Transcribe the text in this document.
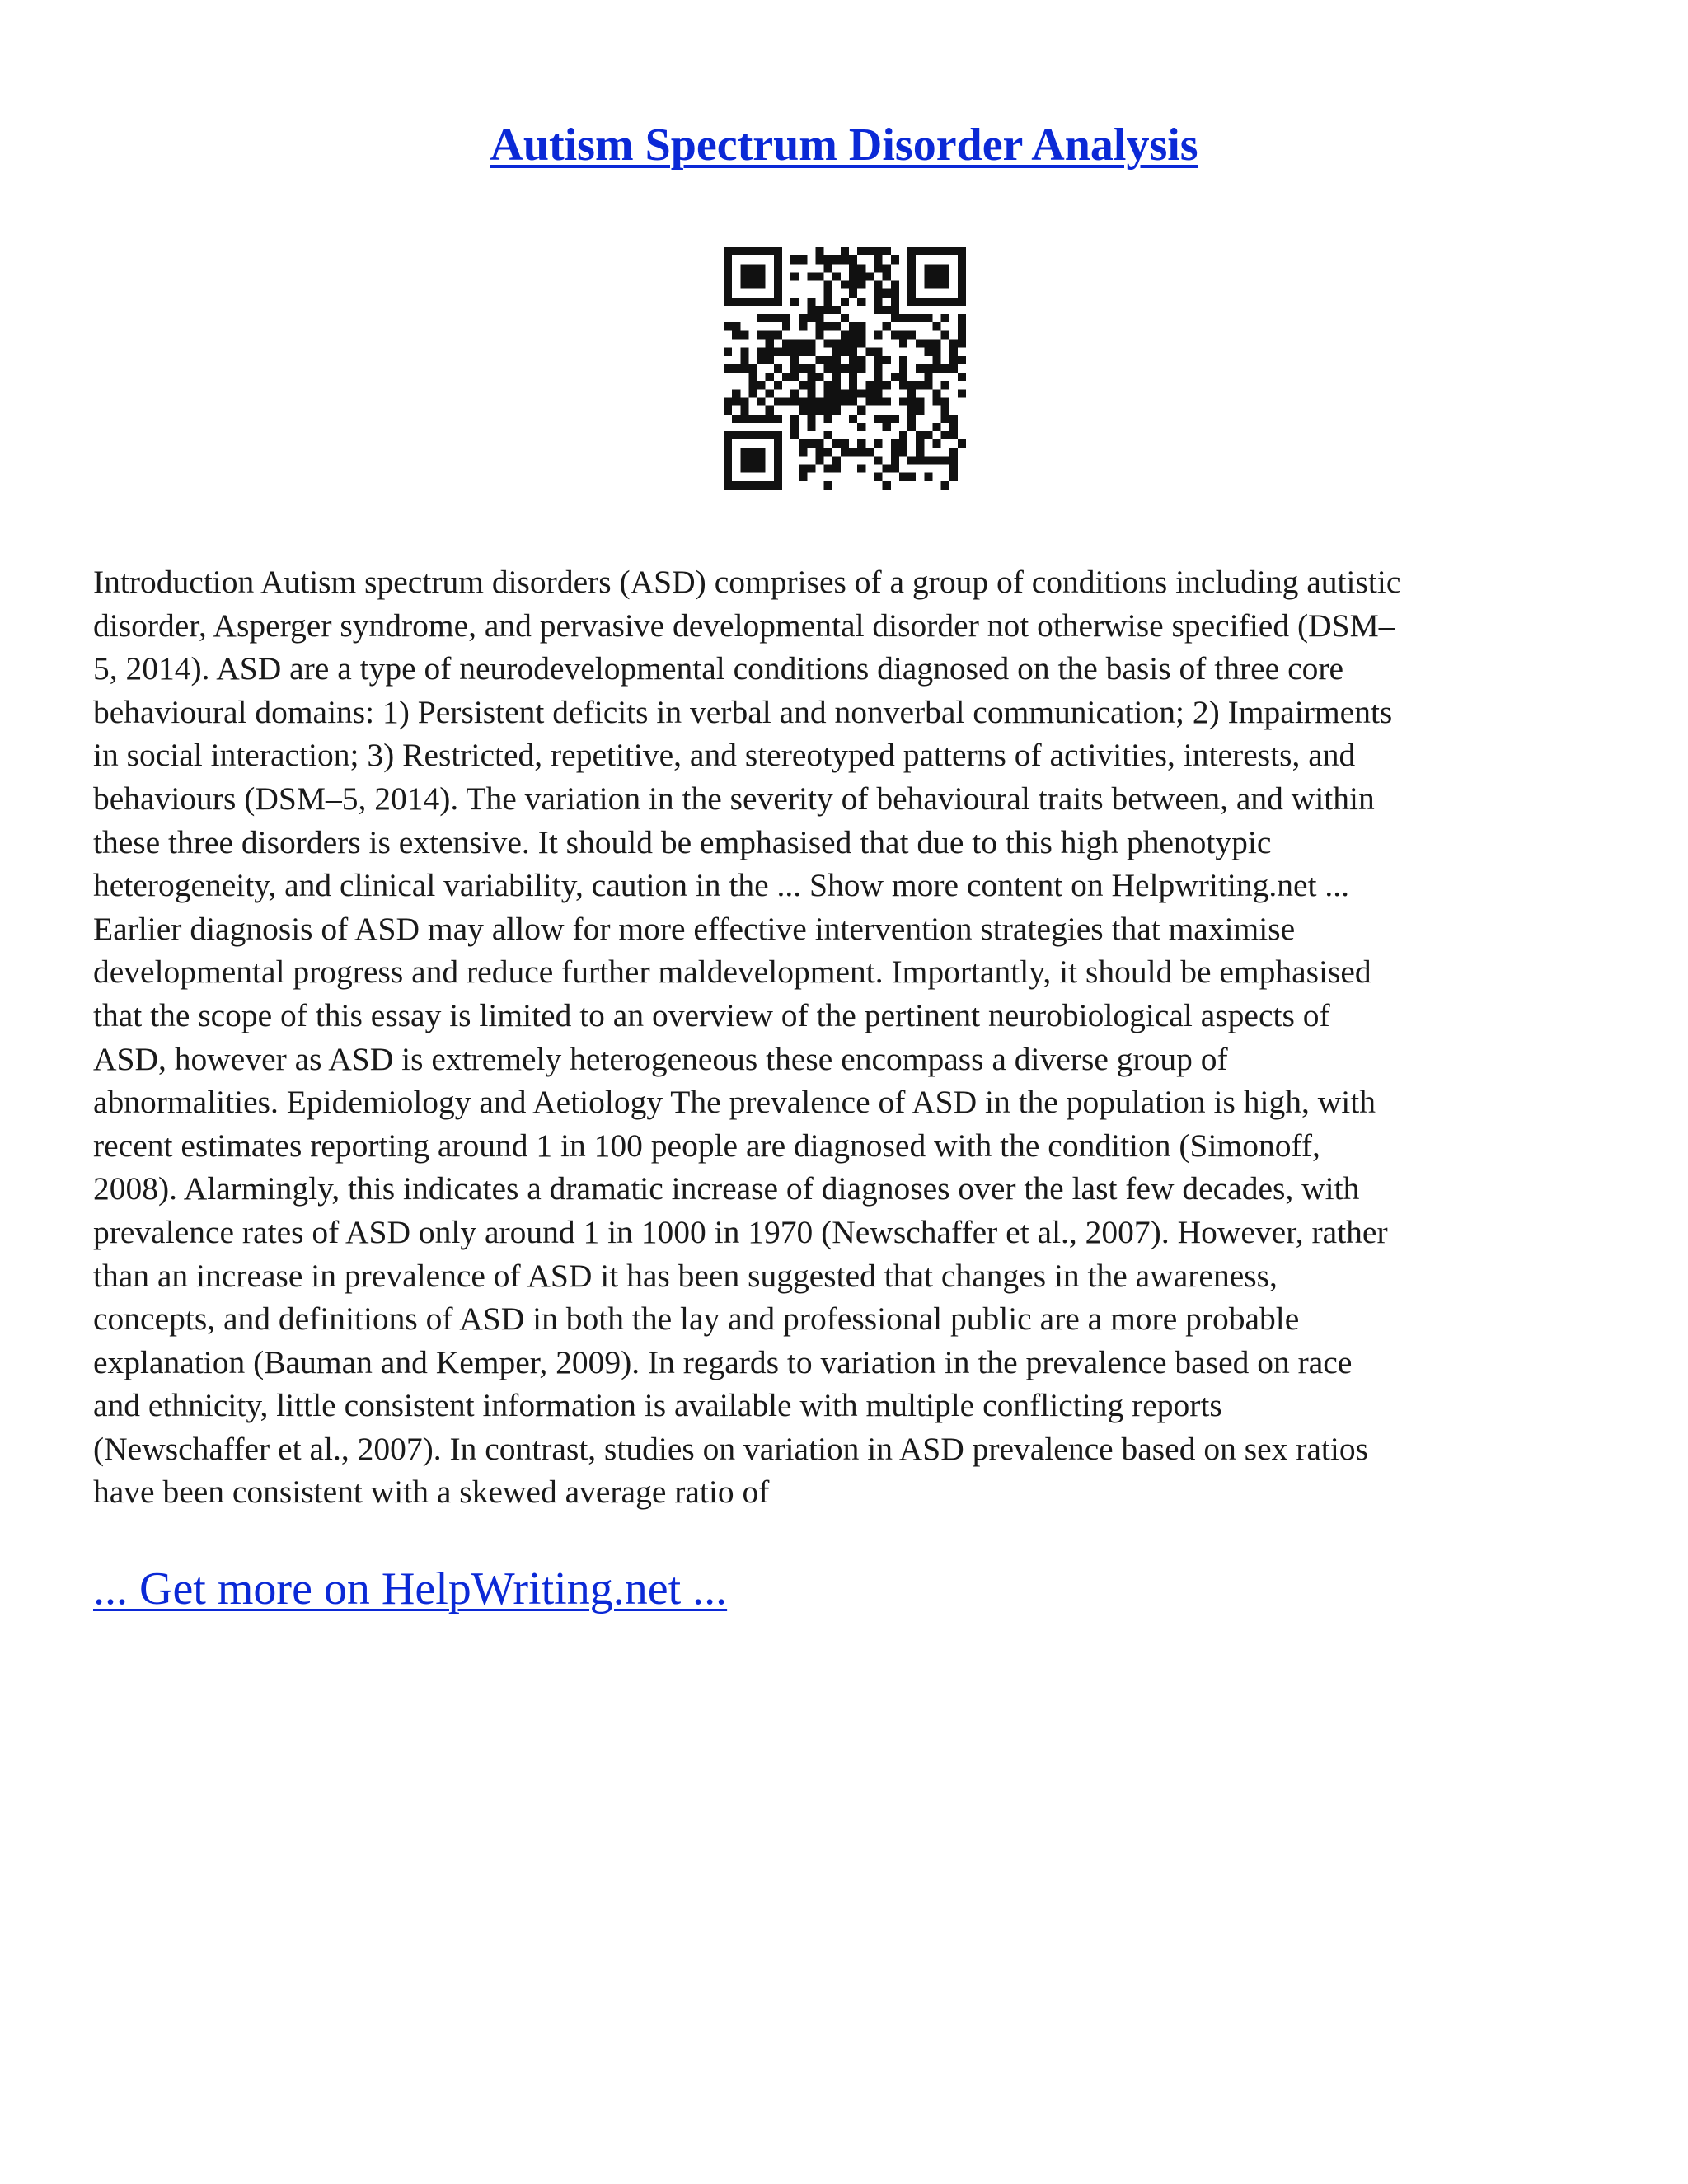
Autism Spectrum Disorder Analysis
Introduction Autism spectrum disorders (ASD) comprises of a group of conditions including autistic
disorder, Asperger syndrome, and pervasive developmental disorder not otherwise specified (DSM–
5, 2014). ASD are a type of neurodevelopmental conditions diagnosed on the basis of three core
behavioural domains: 1) Persistent deficits in verbal and nonverbal communication; 2) Impairments
in social interaction; 3) Restricted, repetitive, and stereotyped patterns of activities, interests, and
behaviours (DSM–5, 2014). The variation in the severity of behavioural traits between, and within
these three disorders is extensive. It should be emphasised that due to this high phenotypic
heterogeneity, and clinical variability, caution in the ... Show more content on Helpwriting.net ...
Earlier diagnosis of ASD may allow for more effective intervention strategies that maximise
developmental progress and reduce further maldevelopment. Importantly, it should be emphasised
that the scope of this essay is limited to an overview of the pertinent neurobiological aspects of
ASD, however as ASD is extremely heterogeneous these encompass a diverse group of
abnormalities. Epidemiology and Aetiology The prevalence of ASD in the population is high, with
recent estimates reporting around 1 in 100 people are diagnosed with the condition (Simonoff,
2008). Alarmingly, this indicates a dramatic increase of diagnoses over the last few decades, with
prevalence rates of ASD only around 1 in 1000 in 1970 (Newschaffer et al., 2007). However, rather
than an increase in prevalence of ASD it has been suggested that changes in the awareness,
concepts, and definitions of ASD in both the lay and professional public are a more probable
explanation (Bauman and Kemper, 2009). In regards to variation in the prevalence based on race
and ethnicity, little consistent information is available with multiple conflicting reports
(Newschaffer et al., 2007). In contrast, studies on variation in ASD prevalence based on sex ratios
have been consistent with a skewed average ratio of

... Get more on HelpWriting.net ...
